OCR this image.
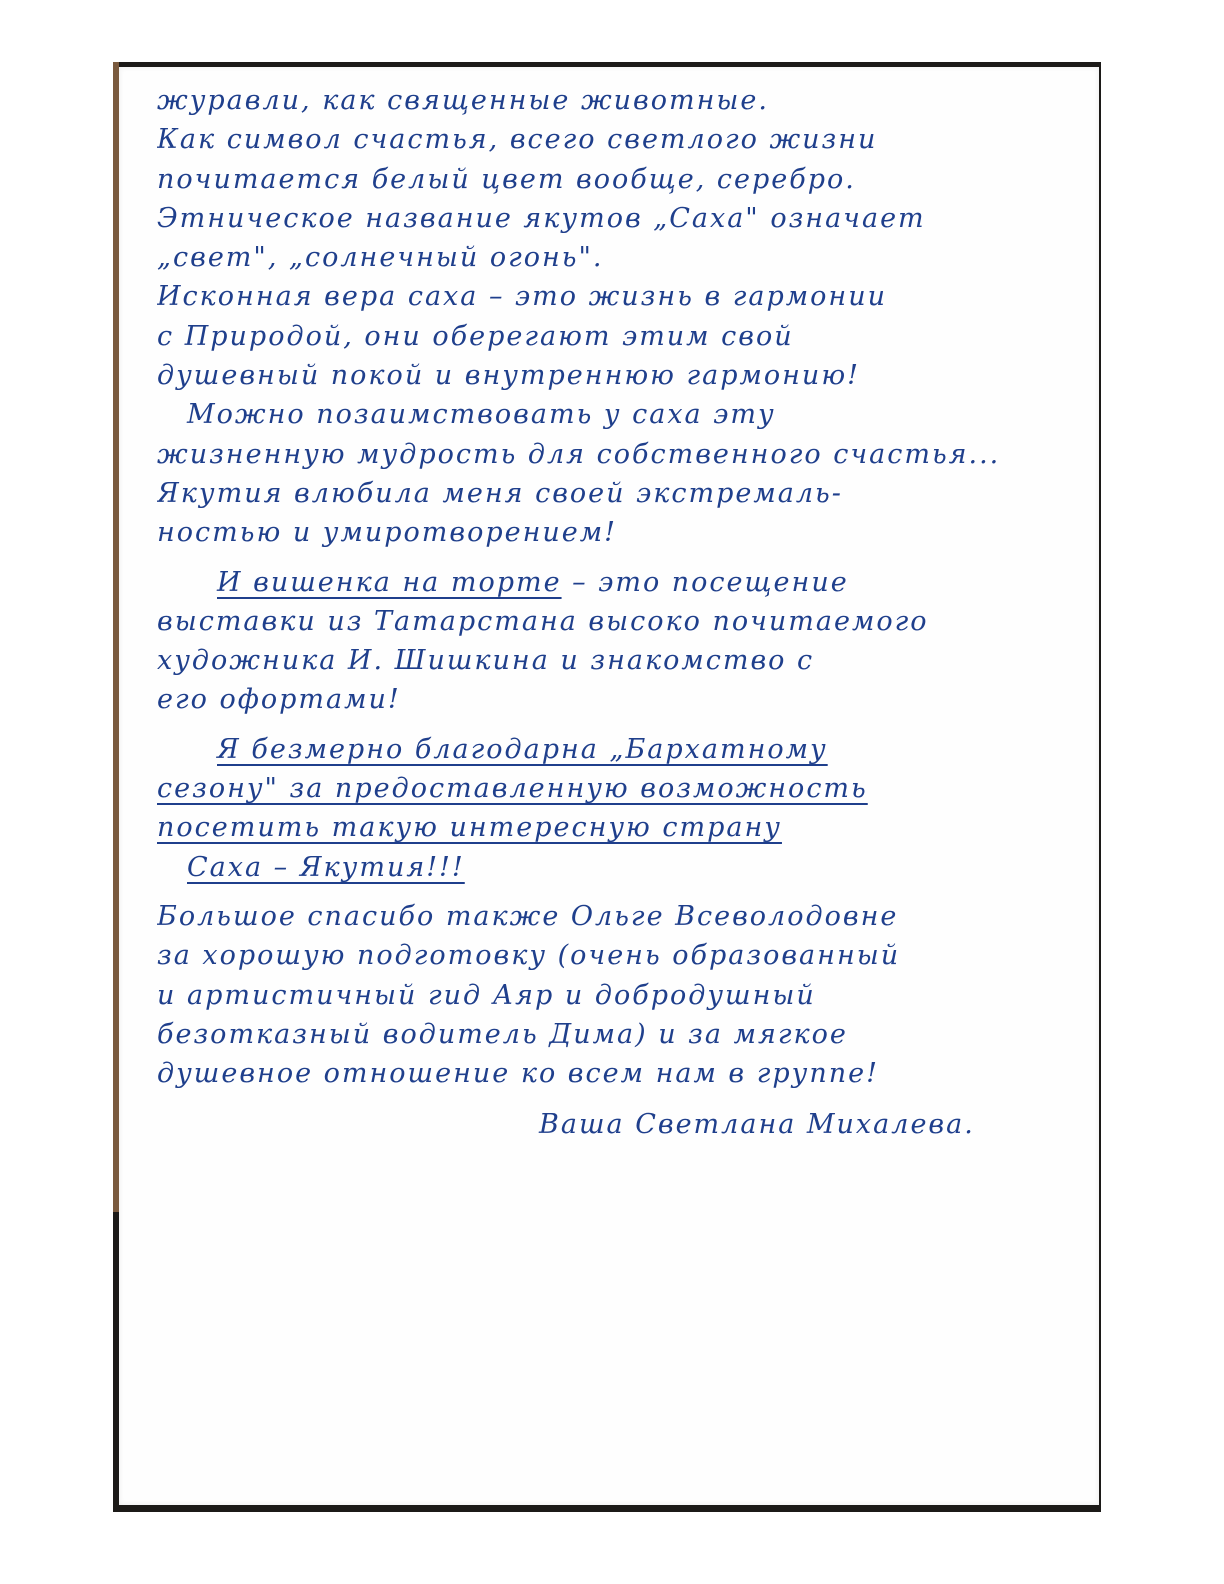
журавли, как священные животные.
Как символ счастья, всего светлого жизни
почитается белый цвет вообще, серебро.
Этническое название якутов „Саха" означает
„свет", „солнечный огонь".
Исконная вера саха – это жизнь в гармонии
с Природой, они оберегают этим свой
душевный покой и внутреннюю гармонию!
Можно позаимствовать у саха эту
жизненную мудрость для собственного счастья...
Якутия влюбила меня своей экстремаль-
ностью и умиротворением!
И вишенка на торте – это посещение
выставки из Татарстана высоко почитаемого
художника И. Шишкина и знакомство с
его офортами!
Я безмерно благодарна „Бархатному
сезону" за предоставленную возможность
посетить такую интересную страну
Саха – Якутия!!!
Большое спасибо также Ольге Всеволодовне
за хорошую подготовку (очень образованный
и артистичный гид Аяр и добродушный
безотказный водитель Дима) и за мягкое
душевное отношение ко всем нам в группе!
Ваша Светлана Михалева.
